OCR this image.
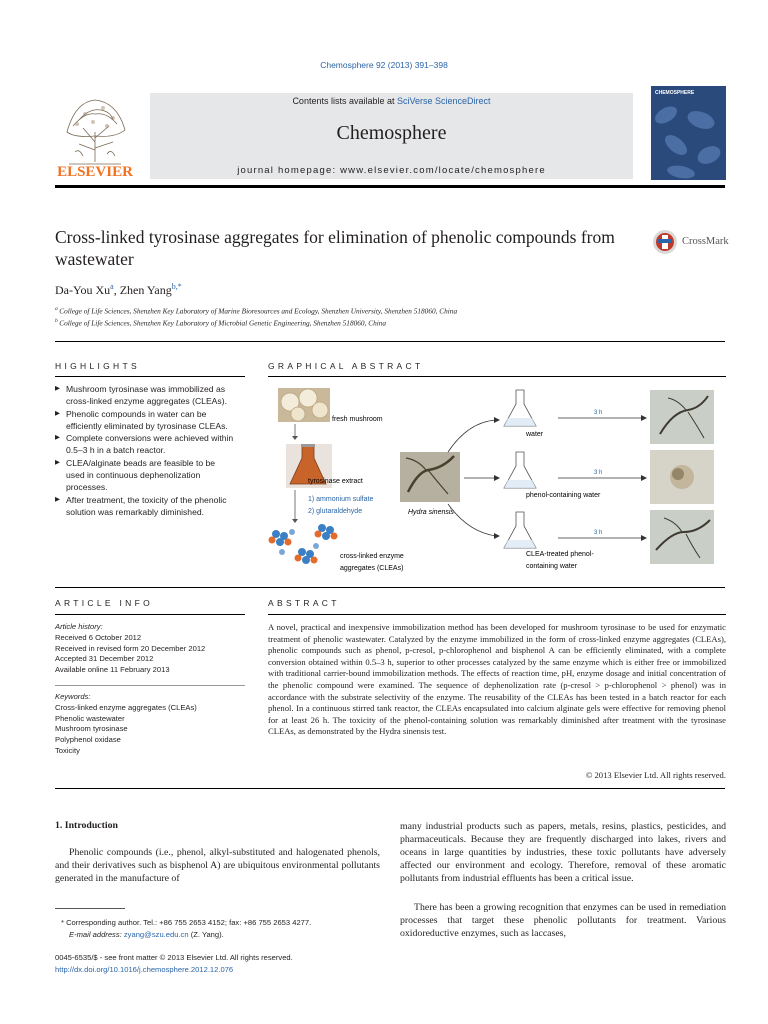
Chemosphere 92 (2013) 391–398
ELSEVIER
Contents lists available at SciVerse ScienceDirect
Chemosphere
journal homepage: www.elsevier.com/locate/chemosphere
CHEMOSPHERE
Cross-linked tyrosinase aggregates for elimination of phenolic compounds from wastewater
CrossMark
Da-You Xu$^a$, Zhen Yang$^{b,*}$
$^a$ College of Life Sciences, Shenzhen Key Laboratory of Marine Bioresources and Ecology, Shenzhen University, Shenzhen 518060, China
$^b$ College of Life Sciences, Shenzhen Key Laboratory of Microbial Genetic Engineering, Shenzhen 518060, China
HIGHLIGHTS
▶ Mushroom tyrosinase was immobilized as cross-linked enzyme aggregates (CLEAs).
▶ Phenolic compounds in water can be efficiently eliminated by tyrosinase CLEAs.
▶ Complete conversions were achieved within 0.5–3 h in a batch reactor.
▶ CLEA/alginate beads are feasible to be used in continuous dephenolization processes.
▶ After treatment, the toxicity of the phenolic solution was remarkably diminished.
GRAPHICAL ABSTRACT
fresh mushroom
tyrosinase extract
1) ammonium sulfate
2) glutaraldehyde
cross-linked enzyme
aggregates (CLEAs)
Hydra sinensis
water
phenol-containing water
CLEA-treated phenol-
containing water
3 h
3 h
3 h
ARTICLE INFO
Article history:
Received 6 October 2012
Received in revised form 20 December 2012
Accepted 31 December 2012
Available online 11 February 2013
Keywords:
Cross-linked enzyme aggregates (CLEAs)
Phenolic wastewater
Mushroom tyrosinase
Polyphenol oxidase
Toxicity
ABSTRACT
A novel, practical and inexpensive immobilization method has been developed for mushroom tyrosinase to be used for enzymatic treatment of phenolic wastewater. Catalyzed by the enzyme immobilized in the form of cross-linked enzyme aggregates (CLEAs), phenolic compounds such as phenol, p-cresol, p-chlorophenol and bisphenol A can be efficiently eliminated, with a complete conversion obtained within 0.5–3 h, superior to other processes catalyzed by the same enzyme which is either free or immobilized with traditional carrier-bound immobilization methods. The effects of reaction time, pH, enzyme dosage and initial concentration of the phenolic compound were examined. The sequence of dephenolization rate (p-cresol > p-chlorophenol > phenol) was in accordance with the substrate selectivity of the enzyme. The reusability of the CLEAs has been tested in a batch reactor for each phenol. In a continuous stirred tank reactor, the CLEAs encapsulated into calcium alginate gels were effective for removing phenol for at least 26 h. The toxicity of the phenol-containing solution was remarkably diminished after treatment with the tyrosinase CLEAs, as demonstrated by the Hydra sinensis test.
© 2013 Elsevier Ltd. All rights reserved.
1. Introduction
Phenolic compounds (i.e., phenol, alkyl-substituted and halogenated phenols, and their derivatives such as bisphenol A) are ubiquitous environmental pollutants generated in the manufacture of
many industrial products such as papers, metals, resins, plastics, pesticides, and pharmaceuticals. Because they are frequently discharged into lakes, rivers and oceans in large quantities by industries, these toxic pollutants have adversely affected our environment and ecology. Therefore, removal of these aromatic pollutants from industrial effluents has been a critical issue.
There has been a growing recognition that enzymes can be used in remediation processes that target these phenolic pollutants for treatment. Various oxidoreductive enzymes, such as laccases,
* Corresponding author. Tel.: +86 755 2653 4152; fax: +86 755 2653 4277.
E-mail address: zyang@szu.edu.cn (Z. Yang).
0045-6535/$ - see front matter © 2013 Elsevier Ltd. All rights reserved.
http://dx.doi.org/10.1016/j.chemosphere.2012.12.076
